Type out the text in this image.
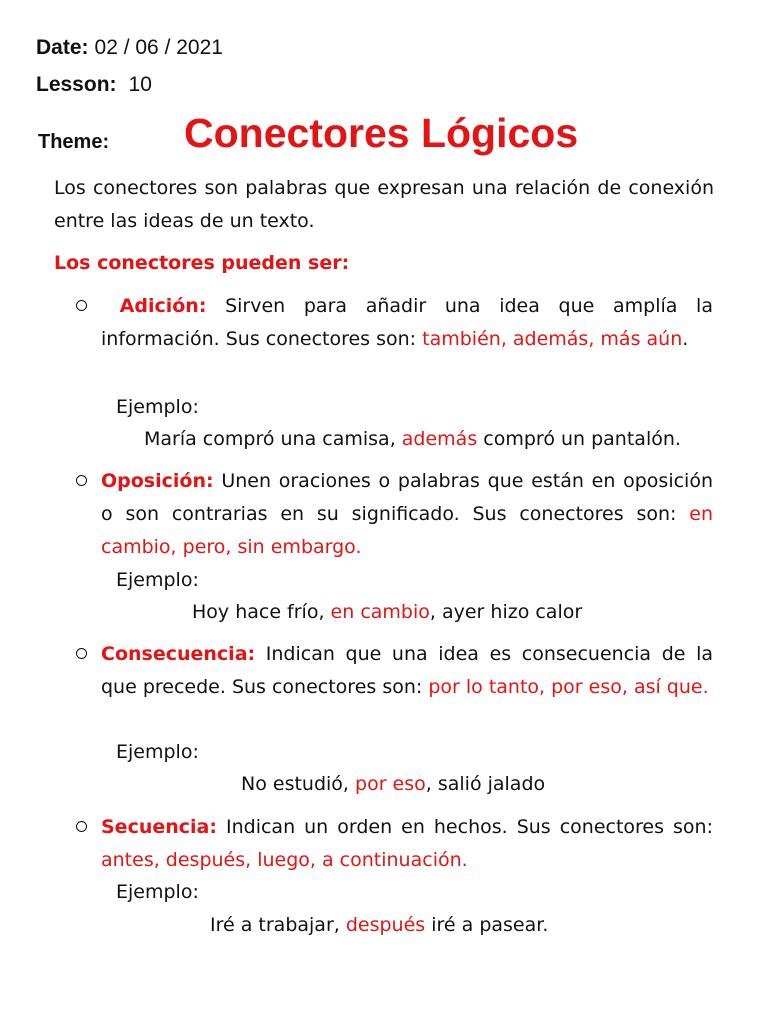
Date: 02 / 06 / 2021
Lesson: 10
Theme: Conectores Lógicos
Los conectores son palabras que expresan una relación de conexión entre las ideas de un texto.
Los conectores pueden ser:
Adición: Sirven para añadir una idea que amplía la información. Sus conectores son: también, además, más aún.
Ejemplo:
María compró una camisa, además compró un pantalón.
Oposición: Unen oraciones o palabras que están en oposición o son contrarias en su significado. Sus conectores son: en cambio, pero, sin embargo.
Ejemplo:
Hoy hace frío, en cambio, ayer hizo calor
Consecuencia: Indican que una idea es consecuencia de la que precede. Sus conectores son: por lo tanto, por eso, así que.
Ejemplo:
No estudió, por eso, salió jalado
Secuencia: Indican un orden en hechos. Sus conectores son: antes, después, luego, a continuación.
Ejemplo:
Iré a trabajar, después iré a pasear.
